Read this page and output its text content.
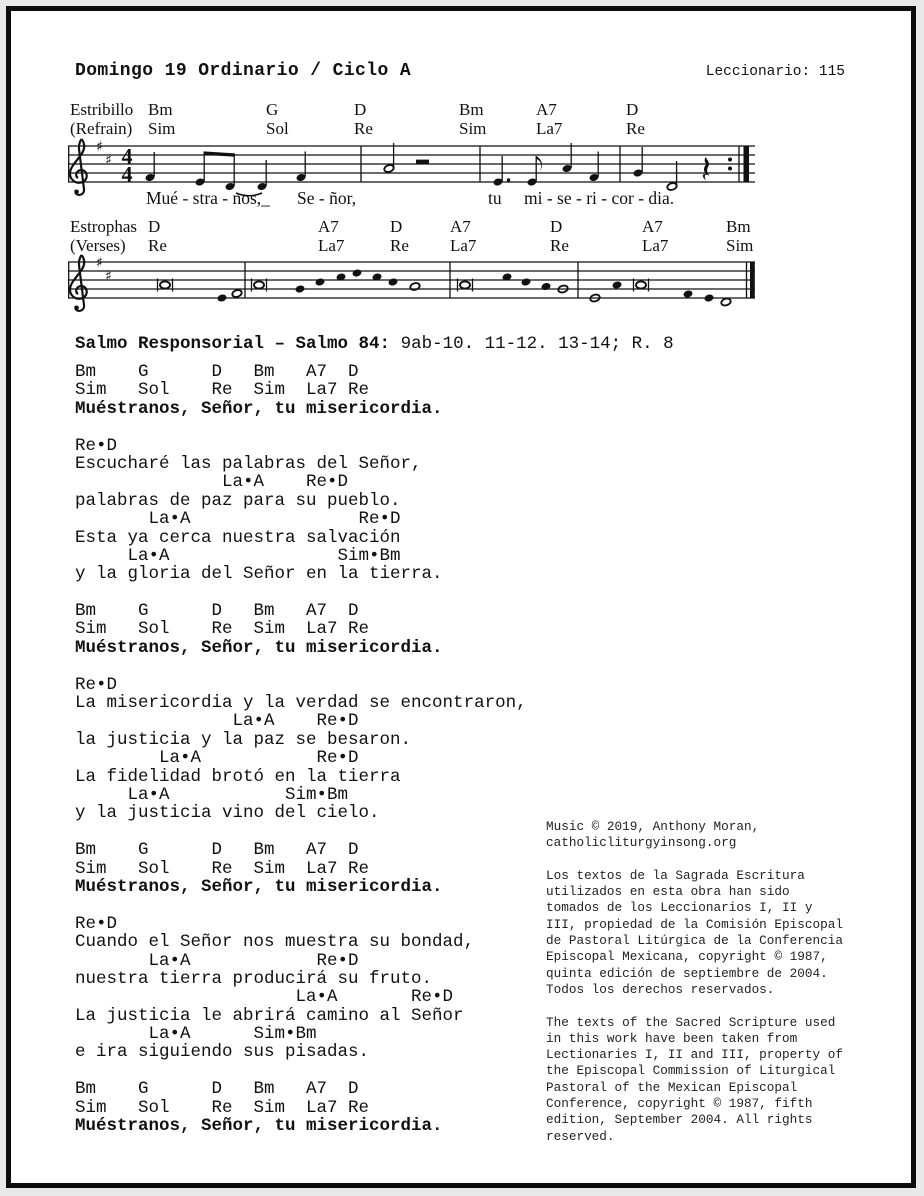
Domingo 19 Ordinario / Ciclo A	Leccionario: 115
Estribillo
(Refrain)
Bm	G	D	Bm	A7	D
Sim	Sol	Re	Sim	La7	Re
♯
♯ 4
4
Mué - stra - nos,_ Se - ñor,	tu mi - se - ri - cor - dia.
Estrophas
(Verses)
D	A7	D	A7	D	A7	Bm
Re	La7	Re La7	Re	La7	Sim
♯
♯
Salmo Responsorial – Salmo 84: 9ab-10. 11-12. 13-14; R. 8
Bm    G      D   Bm   A7  D
Sim   Sol    Re  Sim  La7 Re
Muéstranos, Señor, tu misericordia.

Re•D
Escucharé las palabras del Señor,
La•A    Re•D
palabras de paz para su pueblo.
La•A                Re•D
Esta ya cerca nuestra salvación
La•A                Sim•Bm
y la gloria del Señor en la tierra.

Bm    G      D   Bm   A7  D
Sim   Sol    Re  Sim  La7 Re
Muéstranos, Señor, tu misericordia.

Re•D
La misericordia y la verdad se encontraron,
La•A    Re•D
la justicia y la paz se besaron.
La•A           Re•D
La fidelidad brotó en la tierra
La•A           Sim•Bm
y la justicia vino del cielo.

Bm    G      D   Bm   A7  D
Sim   Sol    Re  Sim  La7 Re
Muéstranos, Señor, tu misericordia.

Re•D
Cuando el Señor nos muestra su bondad,
La•A            Re•D
nuestra tierra producirá su fruto.
La•A       Re•D
La justicia le abrirá camino al Señor
La•A      Sim•Bm
e ira siguiendo sus pisadas.

Bm    G      D   Bm   A7  D
Sim   Sol    Re  Sim  La7 Re
Muéstranos, Señor, tu misericordia.
Music © 2019, Anthony Moran,
catholicliturgyinsong.org

Los textos de la Sagrada Escritura
utilizados en esta obra han sido
tomados de los Leccionarios I, II y
III, propiedad de la Comisión Episcopal
de Pastoral Litúrgica de la Conferencia
Episcopal Mexicana, copyright © 1987,
quinta edición de septiembre de 2004.
Todos los derechos reservados.

The texts of the Sacred Scripture used
in this work have been taken from
Lectionaries I, II and III, property of
the Episcopal Commission of Liturgical
Pastoral of the Mexican Episcopal
Conference, copyright © 1987, fifth
edition, September 2004. All rights
reserved.
